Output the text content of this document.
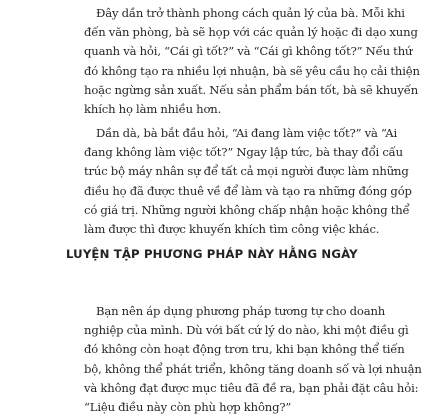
Đây dần trở thành phong cách quản lý của bà. Mỗi khi
đến văn phòng, bà sẽ họp với các quản lý hoặc đi dạo xung
quanh và hỏi, “Cái gì tốt?” và “Cái gì không tốt?” Nếu thứ
đó không tạo ra nhiều lợi nhuận, bà sẽ yêu cầu họ cải thiện
hoặc ngừng sản xuất. Nếu sản phẩm bán tốt, bà sẽ khuyến
khích họ làm nhiều hơn.
Dần dà, bà bắt đầu hỏi, “Ai đang làm việc tốt?” và “Ai
đang không làm việc tốt?” Ngay lập tức, bà thay đổi cấu
trúc bộ máy nhân sự để tất cả mọi người được làm những
điều họ đã được thuê về để làm và tạo ra những đóng góp
có giá trị. Những người không chấp nhận hoặc không thể
làm được thì được khuyến khích tìm công việc khác.
LUYỆN TẬP PHƯƠNG PHÁP NÀY HẰNG NGÀY
Bạn nên áp dụng phương pháp tương tự cho doanh
nghiệp của mình. Dù với bất cứ lý do nào, khi một điều gì
đó không còn hoạt động trơn tru, khi bạn không thể tiến
bộ, không thể phát triển, không tăng doanh số và lợi nhuận
và không đạt được mục tiêu đã đề ra, bạn phải đặt câu hỏi:
“Liệu điều này còn phù hợp không?”
